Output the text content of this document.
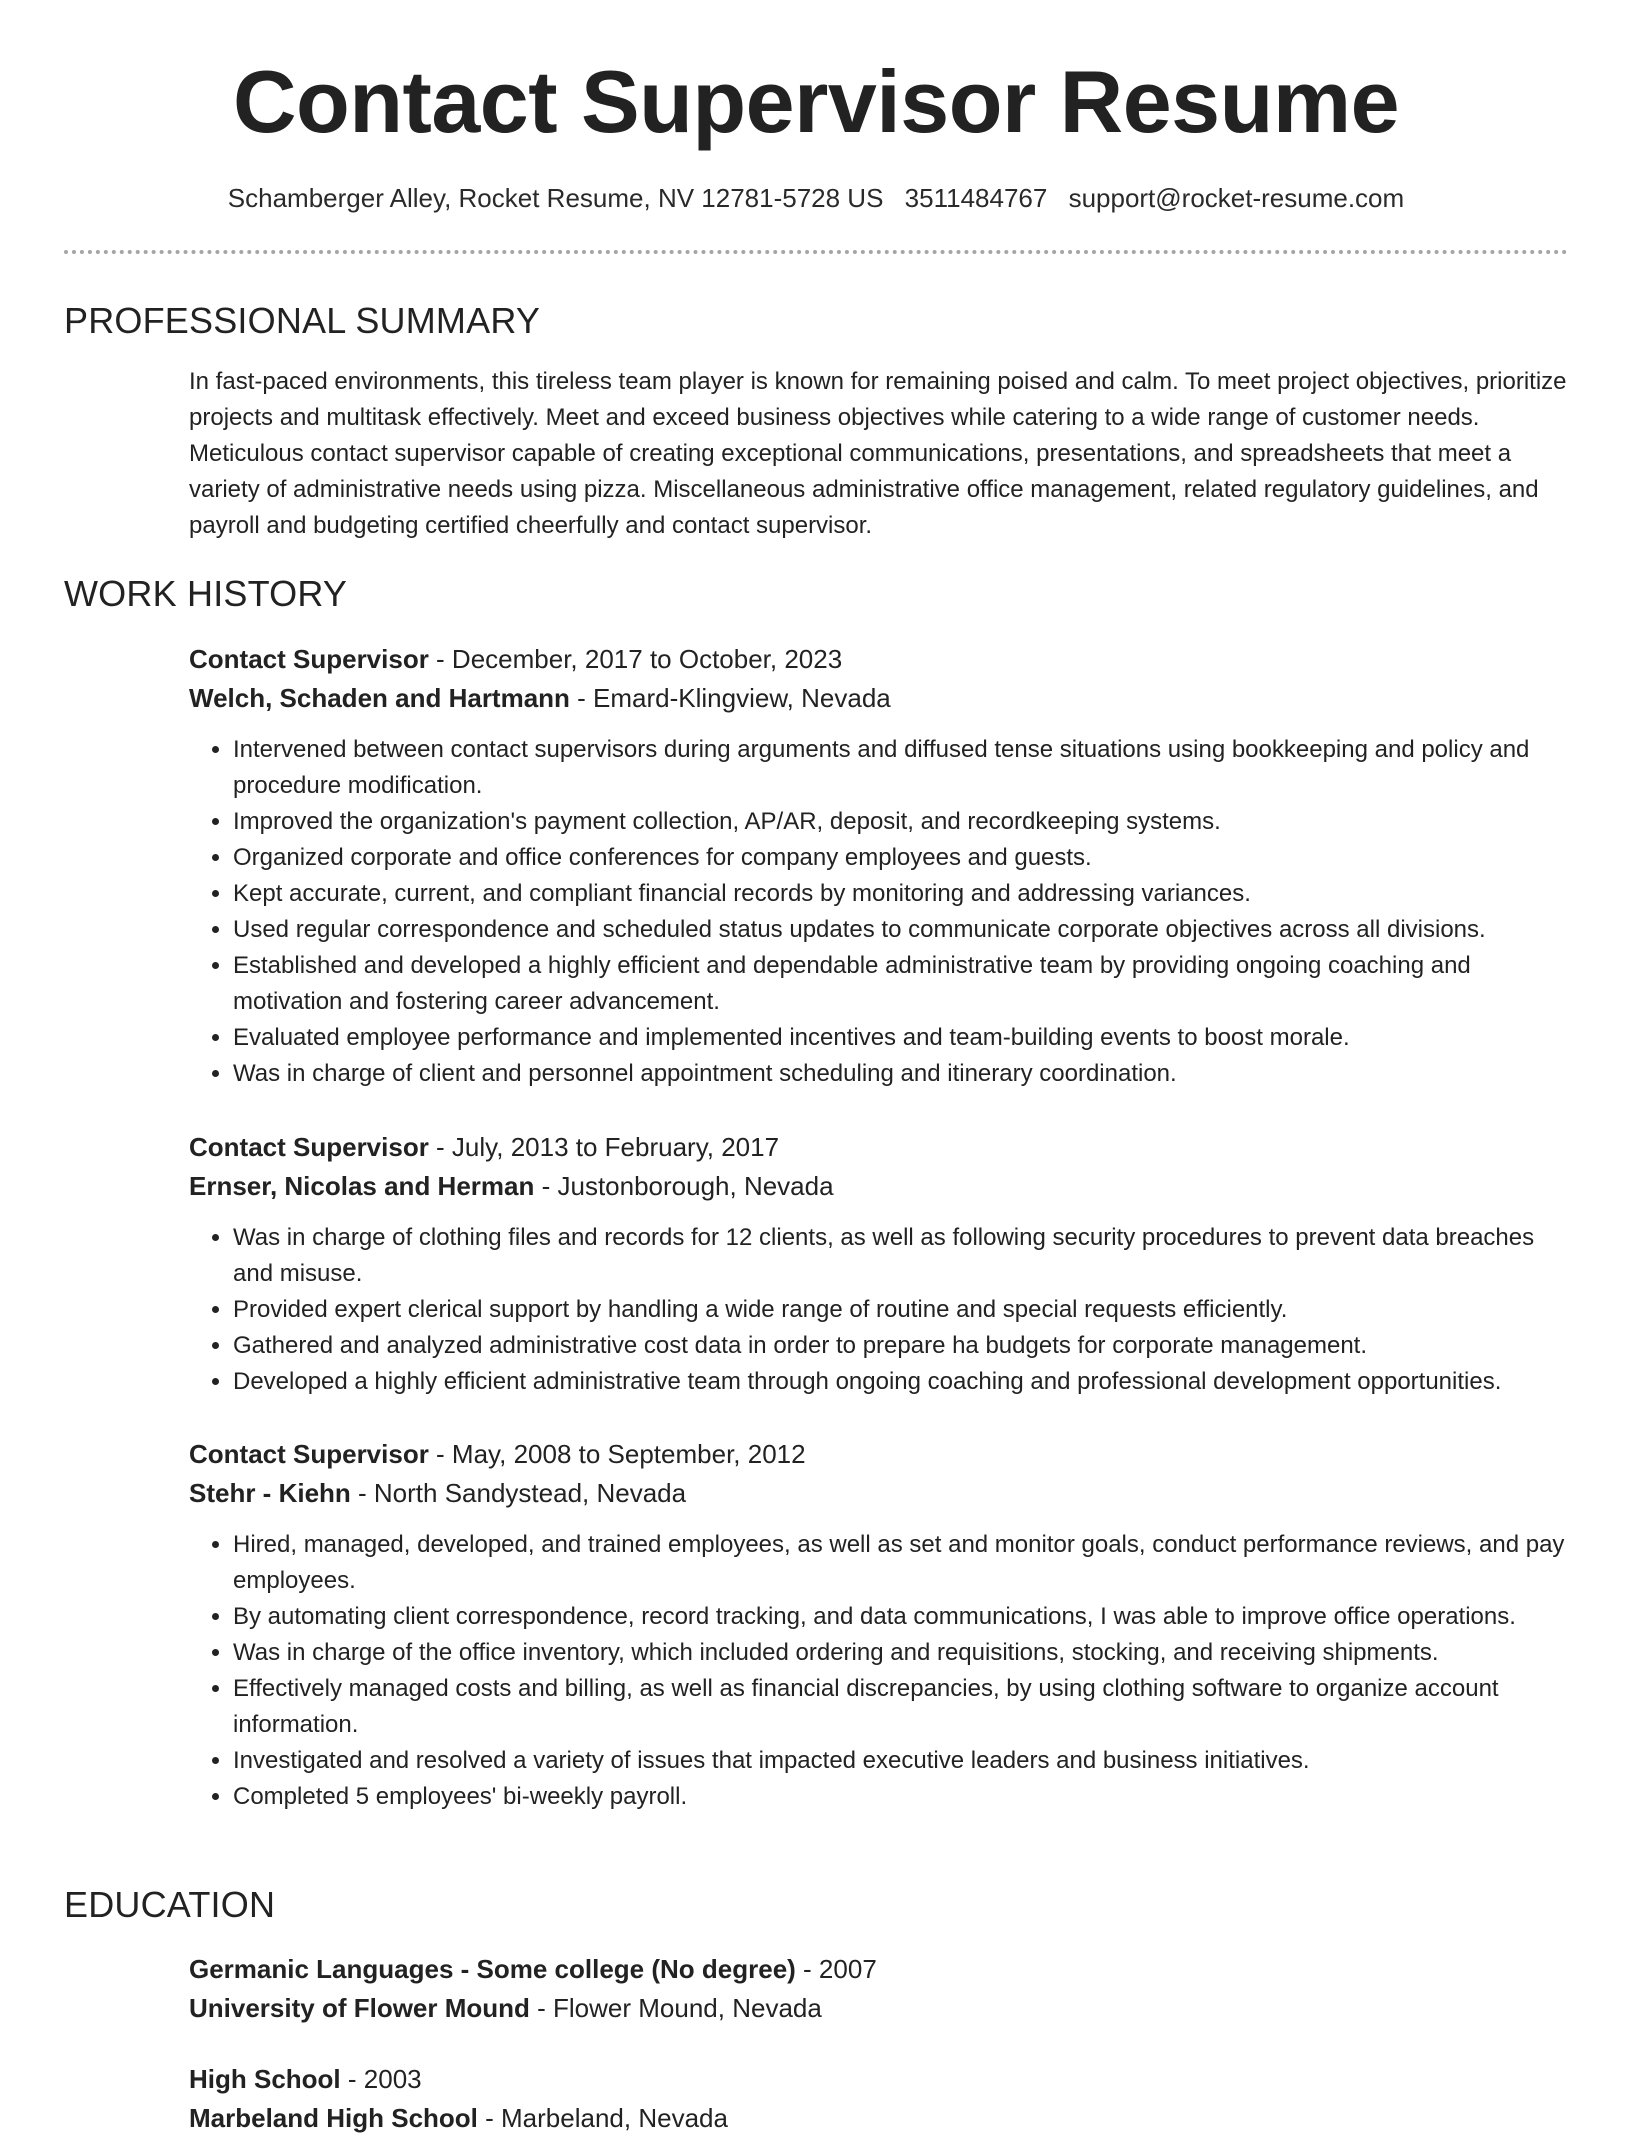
Contact Supervisor Resume
Schamberger Alley, Rocket Resume, NV 12781-5728 US 3511484767 support@rocket-resume.com
PROFESSIONAL SUMMARY

In fast-paced environments, this tireless team player is known for remaining poised and calm. To meet project objectives, prioritize projects and multitask effectively. Meet and exceed business objectives while catering to a wide range of customer needs. Meticulous contact supervisor capable of creating exceptional communications, presentations, and spreadsheets that meet a variety of administrative needs using pizza. Miscellaneous administrative office management, related regulatory guidelines, and payroll and budgeting certified cheerfully and contact supervisor.

WORK HISTORY

Contact Supervisor - December, 2017 to October, 2023

Welch, Schaden and Hartmann - Emard-Klingview, Nevada

• Intervened between contact supervisors during arguments and diffused tense situations using bookkeeping and policy and procedure modification.
• Improved the organization's payment collection, AP/AR, deposit, and recordkeeping systems.
• Organized corporate and office conferences for company employees and guests.
• Kept accurate, current, and compliant financial records by monitoring and addressing variances.
• Used regular correspondence and scheduled status updates to communicate corporate objectives across all divisions.
• Established and developed a highly efficient and dependable administrative team by providing ongoing coaching and motivation and fostering career advancement.
• Evaluated employee performance and implemented incentives and team-building events to boost morale.
• Was in charge of client and personnel appointment scheduling and itinerary coordination.

Contact Supervisor - July, 2013 to February, 2017

Ernser, Nicolas and Herman - Justonborough, Nevada

• Was in charge of clothing files and records for 12 clients, as well as following security procedures to prevent data breaches and misuse.
• Provided expert clerical support by handling a wide range of routine and special requests efficiently.
• Gathered and analyzed administrative cost data in order to prepare ha budgets for corporate management.
• Developed a highly efficient administrative team through ongoing coaching and professional development opportunities.

Contact Supervisor - May, 2008 to September, 2012

Stehr - Kiehn - North Sandystead, Nevada

• Hired, managed, developed, and trained employees, as well as set and monitor goals, conduct performance reviews, and pay employees.
• By automating client correspondence, record tracking, and data communications, I was able to improve office operations.
• Was in charge of the office inventory, which included ordering and requisitions, stocking, and receiving shipments.
• Effectively managed costs and billing, as well as financial discrepancies, by using clothing software to organize account information.
• Investigated and resolved a variety of issues that impacted executive leaders and business initiatives.
• Completed 5 employees' bi-weekly payroll.
EDUCATION

Germanic Languages - Some college (No degree) - 2007

University of Flower Mound - Flower Mound, Nevada

High School - 2003

Marbeland High School - Marbeland, Nevada
